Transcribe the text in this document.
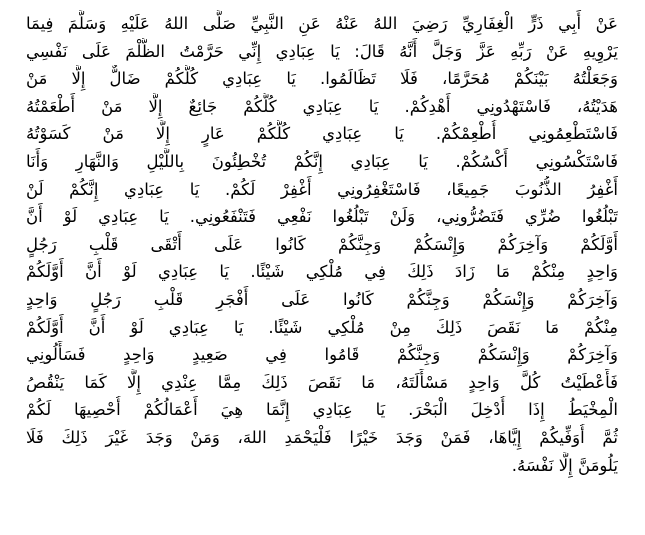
عَنْ أَبِي ذَرٍّ الْغِفَارِيِّ رَضِيَ اللهُ عَنْهُ عَنِ النَّبِيِّ صَلَّى اللهُ عَلَيْهِ وَسَلَّمَ فِيمَا
يَرْوِيهِ عَنْ رَبِّهِ عَزَّ وَجَلَّ أَنَّهُ قَالَ: يَا عِبَادِي إِنِّي حَرَّمْتُ الظُّلْمَ عَلَى نَفْسِي
وَجَعَلْتُهُ بَيْنَكُمْ مُحَرَّمًا، فَلَا تَظَالَمُوا. يَا عِبَادِي كُلُّكُمْ ضَالٌّ إِلَّا مَنْ
هَدَيْتُهُ، فَاسْتَهْدُونِي أَهْدِكُمْ. يَا عِبَادِي كُلُّكُمْ جَائِعٌ إِلَّا مَنْ أَطْعَمْتُهُ
فَاسْتَطْعِمُونِي أُطْعِمْكُمْ. يَا عِبَادِي كُلُّكُمْ عَارٍ إِلَّا مَنْ كَسَوْتُهُ
فَاسْتَكْسُونِي أَكْسُكُمْ. يَا عِبَادِي إِنَّكُمْ تُخْطِئُونَ بِاللَّيْلِ وَالنَّهَارِ وَأَنَا
أَغْفِرُ الذُّنُوبَ جَمِيعًا، فَاسْتَغْفِرُونِي أَغْفِرْ لَكُمْ. يَا عِبَادِي إِنَّكُمْ لَنْ
تَبْلُغُوا ضُرِّي فَتَضُرُّونِي، وَلَنْ تَبْلُغُوا نَفْعِي فَتَنْفَعُونِي. يَا عِبَادِي لَوْ أَنَّ
أَوَّلَكُمْ وَآخِرَكُمْ وَإِنْسَكُمْ وَجِنَّكُمْ كَانُوا عَلَى أَتْقَى قَلْبِ رَجُلٍ
وَاحِدٍ مِنْكُمْ مَا زَادَ ذَلِكَ فِي مُلْكِي شَيْئًا. يَا عِبَادِي لَوْ أَنَّ أَوَّلَكُمْ
وَآخِرَكُمْ وَإِنْسَكُمْ وَجِنَّكُمْ كَانُوا عَلَى أَفْجَرِ قَلْبِ رَجُلٍ وَاحِدٍ
مِنْكُمْ مَا نَقَصَ ذَلِكَ مِنْ مُلْكِي شَيْئًا. يَا عِبَادِي لَوْ أَنَّ أَوَّلَكُمْ
وَآخِرَكُمْ وَإِنْسَكُمْ وَجِنَّكُمْ قَامُوا فِي صَعِيدٍ وَاحِدٍ فَسَأَلُونِي
فَأَعْطَيْتُ كُلَّ وَاحِدٍ مَسْأَلَتَهُ، مَا نَقَصَ ذَلِكَ مِمَّا عِنْدِي إِلَّا كَمَا يَنْقُصُ
الْمِخْيَطُ إِذَا أُدْخِلَ الْبَحْرَ. يَا عِبَادِي إِنَّمَا هِيَ أَعْمَالُكُمْ أُحْصِيهَا لَكُمْ
ثُمَّ أُوَفِّيكُمْ إِيَّاهَا، فَمَنْ وَجَدَ خَيْرًا فَلْيَحْمَدِ اللهَ، وَمَنْ وَجَدَ غَيْرَ ذَلِكَ فَلَا
يَلُومَنَّ إِلَّا نَفْسَهُ.
